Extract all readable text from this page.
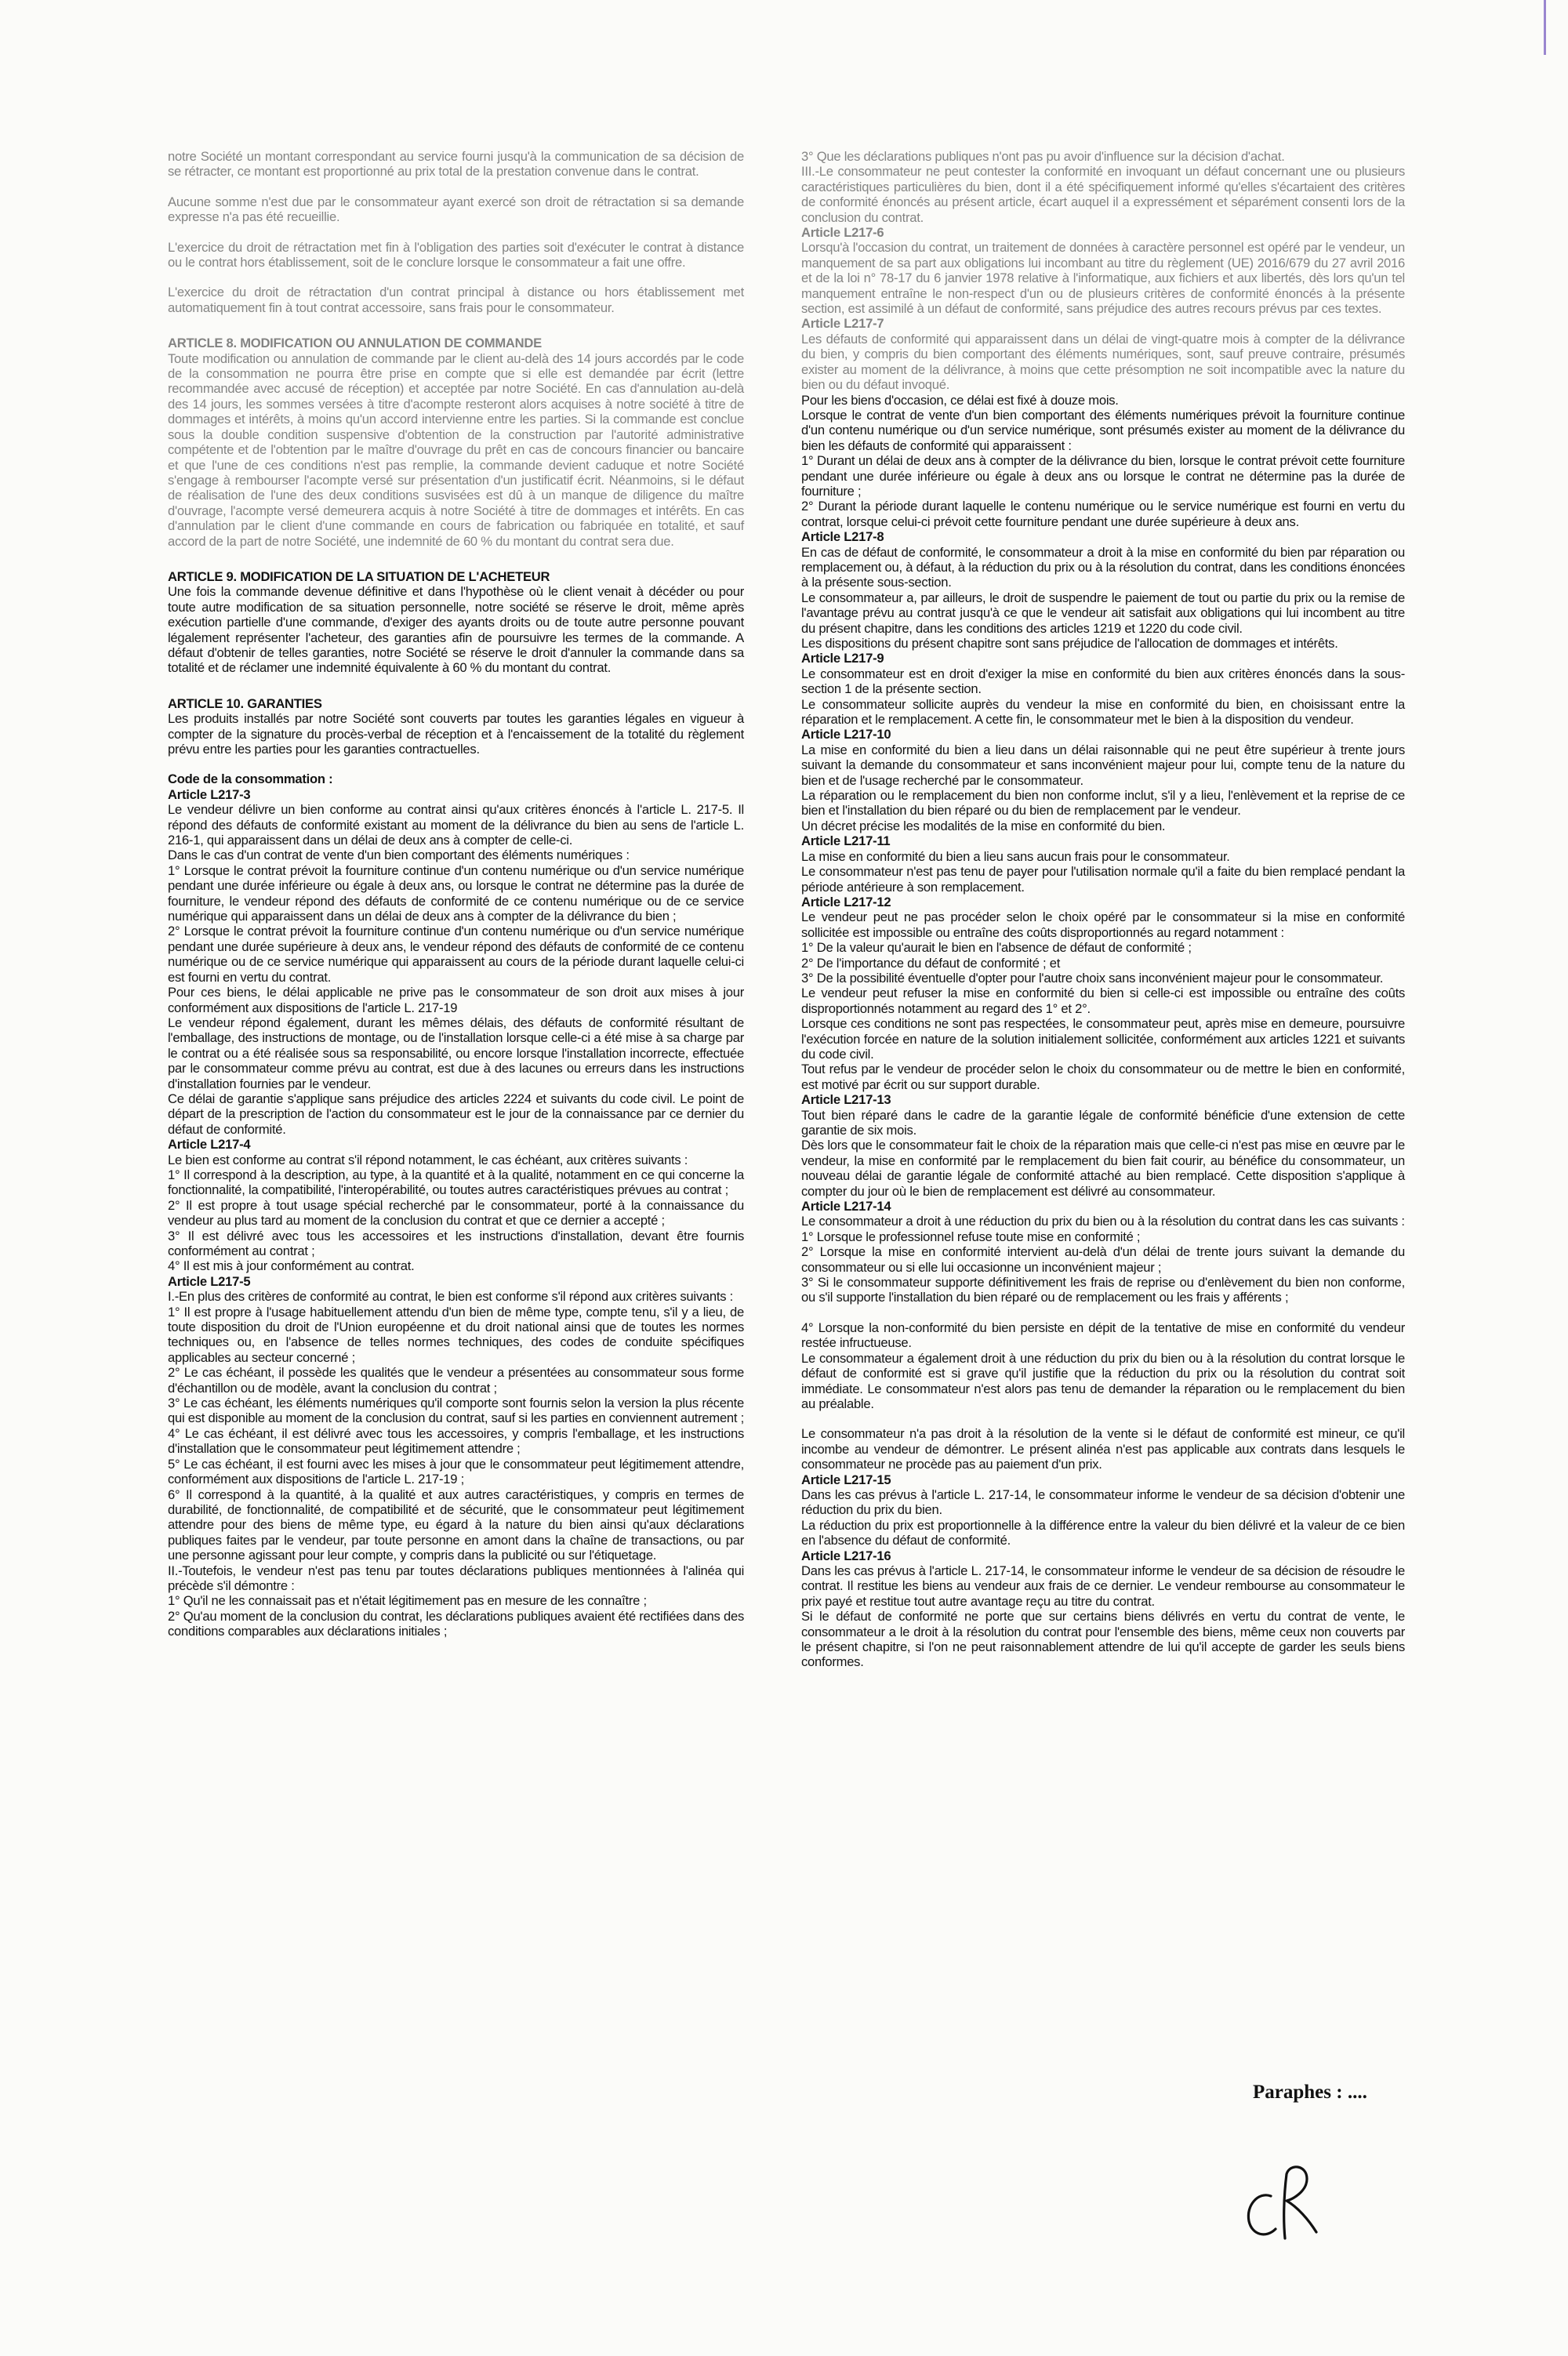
notre Société un montant correspondant au service fourni jusqu'à la communication de sa décision de se rétracter, ce montant est proportionné au prix total de la prestation convenue dans le contrat.

Aucune somme n'est due par le consommateur ayant exercé son droit de rétractation si sa demande expresse n'a pas été recueillie.

L'exercice du droit de rétractation met fin à l'obligation des parties soit d'exécuter le contrat à distance ou le contrat hors établissement, soit de le conclure lorsque le consommateur a fait une offre.

L'exercice du droit de rétractation d'un contrat principal à distance ou hors établissement met automatiquement fin à tout contrat accessoire, sans frais pour le consommateur.

ARTICLE 8. MODIFICATION OU ANNULATION DE COMMANDE

Toute modification ou annulation de commande par le client au-delà des 14 jours accordés par le code de la consommation ne pourra être prise en compte que si elle est demandée par écrit (lettre recommandée avec accusé de réception) et acceptée par notre Société. En cas d'annulation au-delà des 14 jours, les sommes versées à titre d'acompte resteront alors acquises à notre société à titre de dommages et intérêts, à moins qu'un accord intervienne entre les parties. Si la commande est conclue sous la double condition suspensive d'obtention de la construction par l'autorité administrative compétente et de l'obtention par le maître d'ouvrage du prêt en cas de concours financier ou bancaire et que l'une de ces conditions n'est pas remplie, la commande devient caduque et notre Société s'engage à rembourser l'acompte versé sur présentation d'un justificatif écrit. Néanmoins, si le défaut de réalisation de l'une des deux conditions susvisées est dû à un manque de diligence du maître d'ouvrage, l'acompte versé demeurera acquis à notre Société à titre de dommages et intérêts. En cas d'annulation par le client d'une commande en cours de fabrication ou fabriquée en totalité, et sauf accord de la part de notre Société, une indemnité de 60 % du montant du contrat sera due.

ARTICLE 9. MODIFICATION DE LA SITUATION DE L'ACHETEUR

Une fois la commande devenue définitive et dans l'hypothèse où le client venait à décéder ou pour toute autre modification de sa situation personnelle, notre société se réserve le droit, même après exécution partielle d'une commande, d'exiger des ayants droits ou de toute autre personne pouvant légalement représenter l'acheteur, des garanties afin de poursuivre les termes de la commande. A défaut d'obtenir de telles garanties, notre Société se réserve le droit d'annuler la commande dans sa totalité et de réclamer une indemnité équivalente à 60 % du montant du contrat.

ARTICLE 10. GARANTIES

Les produits installés par notre Société sont couverts par toutes les garanties légales en vigueur à compter de la signature du procès-verbal de réception et à l'encaissement de la totalité du règlement prévu entre les parties pour les garanties contractuelles.

Code de la consommation :

Article L217-3

Le vendeur délivre un bien conforme au contrat ainsi qu'aux critères énoncés à l'article L. 217-5. Il répond des défauts de conformité existant au moment de la délivrance du bien au sens de l'article L. 216-1, qui apparaissent dans un délai de deux ans à compter de celle-ci.

Dans le cas d'un contrat de vente d'un bien comportant des éléments numériques :

1° Lorsque le contrat prévoit la fourniture continue d'un contenu numérique ou d'un service numérique pendant une durée inférieure ou égale à deux ans, ou lorsque le contrat ne détermine pas la durée de fourniture, le vendeur répond des défauts de conformité de ce contenu numérique ou de ce service numérique qui apparaissent dans un délai de deux ans à compter de la délivrance du bien ;

2° Lorsque le contrat prévoit la fourniture continue d'un contenu numérique ou d'un service numérique pendant une durée supérieure à deux ans, le vendeur répond des défauts de conformité de ce contenu numérique ou de ce service numérique qui apparaissent au cours de la période durant laquelle celui-ci est fourni en vertu du contrat.

Pour ces biens, le délai applicable ne prive pas le consommateur de son droit aux mises à jour conformément aux dispositions de l'article L. 217-19

Le vendeur répond également, durant les mêmes délais, des défauts de conformité résultant de l'emballage, des instructions de montage, ou de l'installation lorsque celle-ci a été mise à sa charge par le contrat ou a été réalisée sous sa responsabilité, ou encore lorsque l'installation incorrecte, effectuée par le consommateur comme prévu au contrat, est due à des lacunes ou erreurs dans les instructions d'installation fournies par le vendeur.

Ce délai de garantie s'applique sans préjudice des articles 2224 et suivants du code civil. Le point de départ de la prescription de l'action du consommateur est le jour de la connaissance par ce dernier du défaut de conformité.

Article L217-4

Le bien est conforme au contrat s'il répond notamment, le cas échéant, aux critères suivants :

1° Il correspond à la description, au type, à la quantité et à la qualité, notamment en ce qui concerne la fonctionnalité, la compatibilité, l'interopérabilité, ou toutes autres caractéristiques prévues au contrat ;

2° Il est propre à tout usage spécial recherché par le consommateur, porté à la connaissance du vendeur au plus tard au moment de la conclusion du contrat et que ce dernier a accepté ;

3° Il est délivré avec tous les accessoires et les instructions d'installation, devant être fournis conformément au contrat ;

4° Il est mis à jour conformément au contrat.

Article L217-5

I.-En plus des critères de conformité au contrat, le bien est conforme s'il répond aux critères suivants :

1° Il est propre à l'usage habituellement attendu d'un bien de même type, compte tenu, s'il y a lieu, de toute disposition du droit de l'Union européenne et du droit national ainsi que de toutes les normes techniques ou, en l'absence de telles normes techniques, des codes de conduite spécifiques applicables au secteur concerné ;

2° Le cas échéant, il possède les qualités que le vendeur a présentées au consommateur sous forme d'échantillon ou de modèle, avant la conclusion du contrat ;

3° Le cas échéant, les éléments numériques qu'il comporte sont fournis selon la version la plus récente qui est disponible au moment de la conclusion du contrat, sauf si les parties en conviennent autrement ;

4° Le cas échéant, il est délivré avec tous les accessoires, y compris l'emballage, et les instructions d'installation que le consommateur peut légitimement attendre ;

5° Le cas échéant, il est fourni avec les mises à jour que le consommateur peut légitimement attendre, conformément aux dispositions de l'article L. 217-19 ;

6° Il correspond à la quantité, à la qualité et aux autres caractéristiques, y compris en termes de durabilité, de fonctionnalité, de compatibilité et de sécurité, que le consommateur peut légitimement attendre pour des biens de même type, eu égard à la nature du bien ainsi qu'aux déclarations publiques faites par le vendeur, par toute personne en amont dans la chaîne de transactions, ou par une personne agissant pour leur compte, y compris dans la publicité ou sur l'étiquetage.

II.-Toutefois, le vendeur n'est pas tenu par toutes déclarations publiques mentionnées à l'alinéa qui précède s'il démontre :

1° Qu'il ne les connaissait pas et n'était légitimement pas en mesure de les connaître ;

2° Qu'au moment de la conclusion du contrat, les déclarations publiques avaient été rectifiées dans des conditions comparables aux déclarations initiales ;

3° Que les déclarations publiques n'ont pas pu avoir d'influence sur la décision d'achat.

III.-Le consommateur ne peut contester la conformité en invoquant un défaut concernant une ou plusieurs caractéristiques particulières du bien, dont il a été spécifiquement informé qu'elles s'écartaient des critères de conformité énoncés au présent article, écart auquel il a expressément et séparément consenti lors de la conclusion du contrat.

Article L217-6

Lorsqu'à l'occasion du contrat, un traitement de données à caractère personnel est opéré par le vendeur, un manquement de sa part aux obligations lui incombant au titre du règlement (UE) 2016/679 du 27 avril 2016 et de la loi n° 78-17 du 6 janvier 1978 relative à l'informatique, aux fichiers et aux libertés, dès lors qu'un tel manquement entraîne le non-respect d'un ou de plusieurs critères de conformité énoncés à la présente section, est assimilé à un défaut de conformité, sans préjudice des autres recours prévus par ces textes.

Article L217-7

Les défauts de conformité qui apparaissent dans un délai de vingt-quatre mois à compter de la délivrance du bien, y compris du bien comportant des éléments numériques, sont, sauf preuve contraire, présumés exister au moment de la délivrance, à moins que cette présomption ne soit incompatible avec la nature du bien ou du défaut invoqué.

Pour les biens d'occasion, ce délai est fixé à douze mois.

Lorsque le contrat de vente d'un bien comportant des éléments numériques prévoit la fourniture continue d'un contenu numérique ou d'un service numérique, sont présumés exister au moment de la délivrance du bien les défauts de conformité qui apparaissent :

1° Durant un délai de deux ans à compter de la délivrance du bien, lorsque le contrat prévoit cette fourniture pendant une durée inférieure ou égale à deux ans ou lorsque le contrat ne détermine pas la durée de fourniture ;

2° Durant la période durant laquelle le contenu numérique ou le service numérique est fourni en vertu du contrat, lorsque celui-ci prévoit cette fourniture pendant une durée supérieure à deux ans.

Article L217-8

En cas de défaut de conformité, le consommateur a droit à la mise en conformité du bien par réparation ou remplacement ou, à défaut, à la réduction du prix ou à la résolution du contrat, dans les conditions énoncées à la présente sous-section.

Le consommateur a, par ailleurs, le droit de suspendre le paiement de tout ou partie du prix ou la remise de l'avantage prévu au contrat jusqu'à ce que le vendeur ait satisfait aux obligations qui lui incombent au titre du présent chapitre, dans les conditions des articles 1219 et 1220 du code civil.

Les dispositions du présent chapitre sont sans préjudice de l'allocation de dommages et intérêts.

Article L217-9

Le consommateur est en droit d'exiger la mise en conformité du bien aux critères énoncés dans la sous-section 1 de la présente section.

Le consommateur sollicite auprès du vendeur la mise en conformité du bien, en choisissant entre la réparation et le remplacement. A cette fin, le consommateur met le bien à la disposition du vendeur.

Article L217-10

La mise en conformité du bien a lieu dans un délai raisonnable qui ne peut être supérieur à trente jours suivant la demande du consommateur et sans inconvénient majeur pour lui, compte tenu de la nature du bien et de l'usage recherché par le consommateur.

La réparation ou le remplacement du bien non conforme inclut, s'il y a lieu, l'enlèvement et la reprise de ce bien et l'installation du bien réparé ou du bien de remplacement par le vendeur.

Un décret précise les modalités de la mise en conformité du bien.

Article L217-11

La mise en conformité du bien a lieu sans aucun frais pour le consommateur.

Le consommateur n'est pas tenu de payer pour l'utilisation normale qu'il a faite du bien remplacé pendant la période antérieure à son remplacement.

Article L217-12

Le vendeur peut ne pas procéder selon le choix opéré par le consommateur si la mise en conformité sollicitée est impossible ou entraîne des coûts disproportionnés au regard notamment :

1° De la valeur qu'aurait le bien en l'absence de défaut de conformité ;

2° De l'importance du défaut de conformité ; et

3° De la possibilité éventuelle d'opter pour l'autre choix sans inconvénient majeur pour le consommateur.

Le vendeur peut refuser la mise en conformité du bien si celle-ci est impossible ou entraîne des coûts disproportionnés notamment au regard des 1° et 2°.

Lorsque ces conditions ne sont pas respectées, le consommateur peut, après mise en demeure, poursuivre l'exécution forcée en nature de la solution initialement sollicitée, conformément aux articles 1221 et suivants du code civil.

Tout refus par le vendeur de procéder selon le choix du consommateur ou de mettre le bien en conformité, est motivé par écrit ou sur support durable.

Article L217-13

Tout bien réparé dans le cadre de la garantie légale de conformité bénéficie d'une extension de cette garantie de six mois.

Dès lors que le consommateur fait le choix de la réparation mais que celle-ci n'est pas mise en œuvre par le vendeur, la mise en conformité par le remplacement du bien fait courir, au bénéfice du consommateur, un nouveau délai de garantie légale de conformité attaché au bien remplacé. Cette disposition s'applique à compter du jour où le bien de remplacement est délivré au consommateur.

Article L217-14

Le consommateur a droit à une réduction du prix du bien ou à la résolution du contrat dans les cas suivants :

1° Lorsque le professionnel refuse toute mise en conformité ;

2° Lorsque la mise en conformité intervient au-delà d'un délai de trente jours suivant la demande du consommateur ou si elle lui occasionne un inconvénient majeur ;

3° Si le consommateur supporte définitivement les frais de reprise ou d'enlèvement du bien non conforme, ou s'il supporte l'installation du bien réparé ou de remplacement ou les frais y afférents ;

4° Lorsque la non-conformité du bien persiste en dépit de la tentative de mise en conformité du vendeur restée infructueuse.

Le consommateur a également droit à une réduction du prix du bien ou à la résolution du contrat lorsque le défaut de conformité est si grave qu'il justifie que la réduction du prix ou la résolution du contrat soit immédiate. Le consommateur n'est alors pas tenu de demander la réparation ou le remplacement du bien au préalable.

Le consommateur n'a pas droit à la résolution de la vente si le défaut de conformité est mineur, ce qu'il incombe au vendeur de démontrer. Le présent alinéa n'est pas applicable aux contrats dans lesquels le consommateur ne procède pas au paiement d'un prix.

Article L217-15

Dans les cas prévus à l'article L. 217-14, le consommateur informe le vendeur de sa décision d'obtenir une réduction du prix du bien.

La réduction du prix est proportionnelle à la différence entre la valeur du bien délivré et la valeur de ce bien en l'absence du défaut de conformité.

Article L217-16

Dans les cas prévus à l'article L. 217-14, le consommateur informe le vendeur de sa décision de résoudre le contrat. Il restitue les biens au vendeur aux frais de ce dernier. Le vendeur rembourse au consommateur le prix payé et restitue tout autre avantage reçu au titre du contrat.

Si le défaut de conformité ne porte que sur certains biens délivrés en vertu du contrat de vente, le consommateur a le droit à la résolution du contrat pour l'ensemble des biens, même ceux non couverts par le présent chapitre, si l'on ne peut raisonnablement attendre de lui qu'il accepte de garder les seuls biens conformes.

Paraphes : ....
